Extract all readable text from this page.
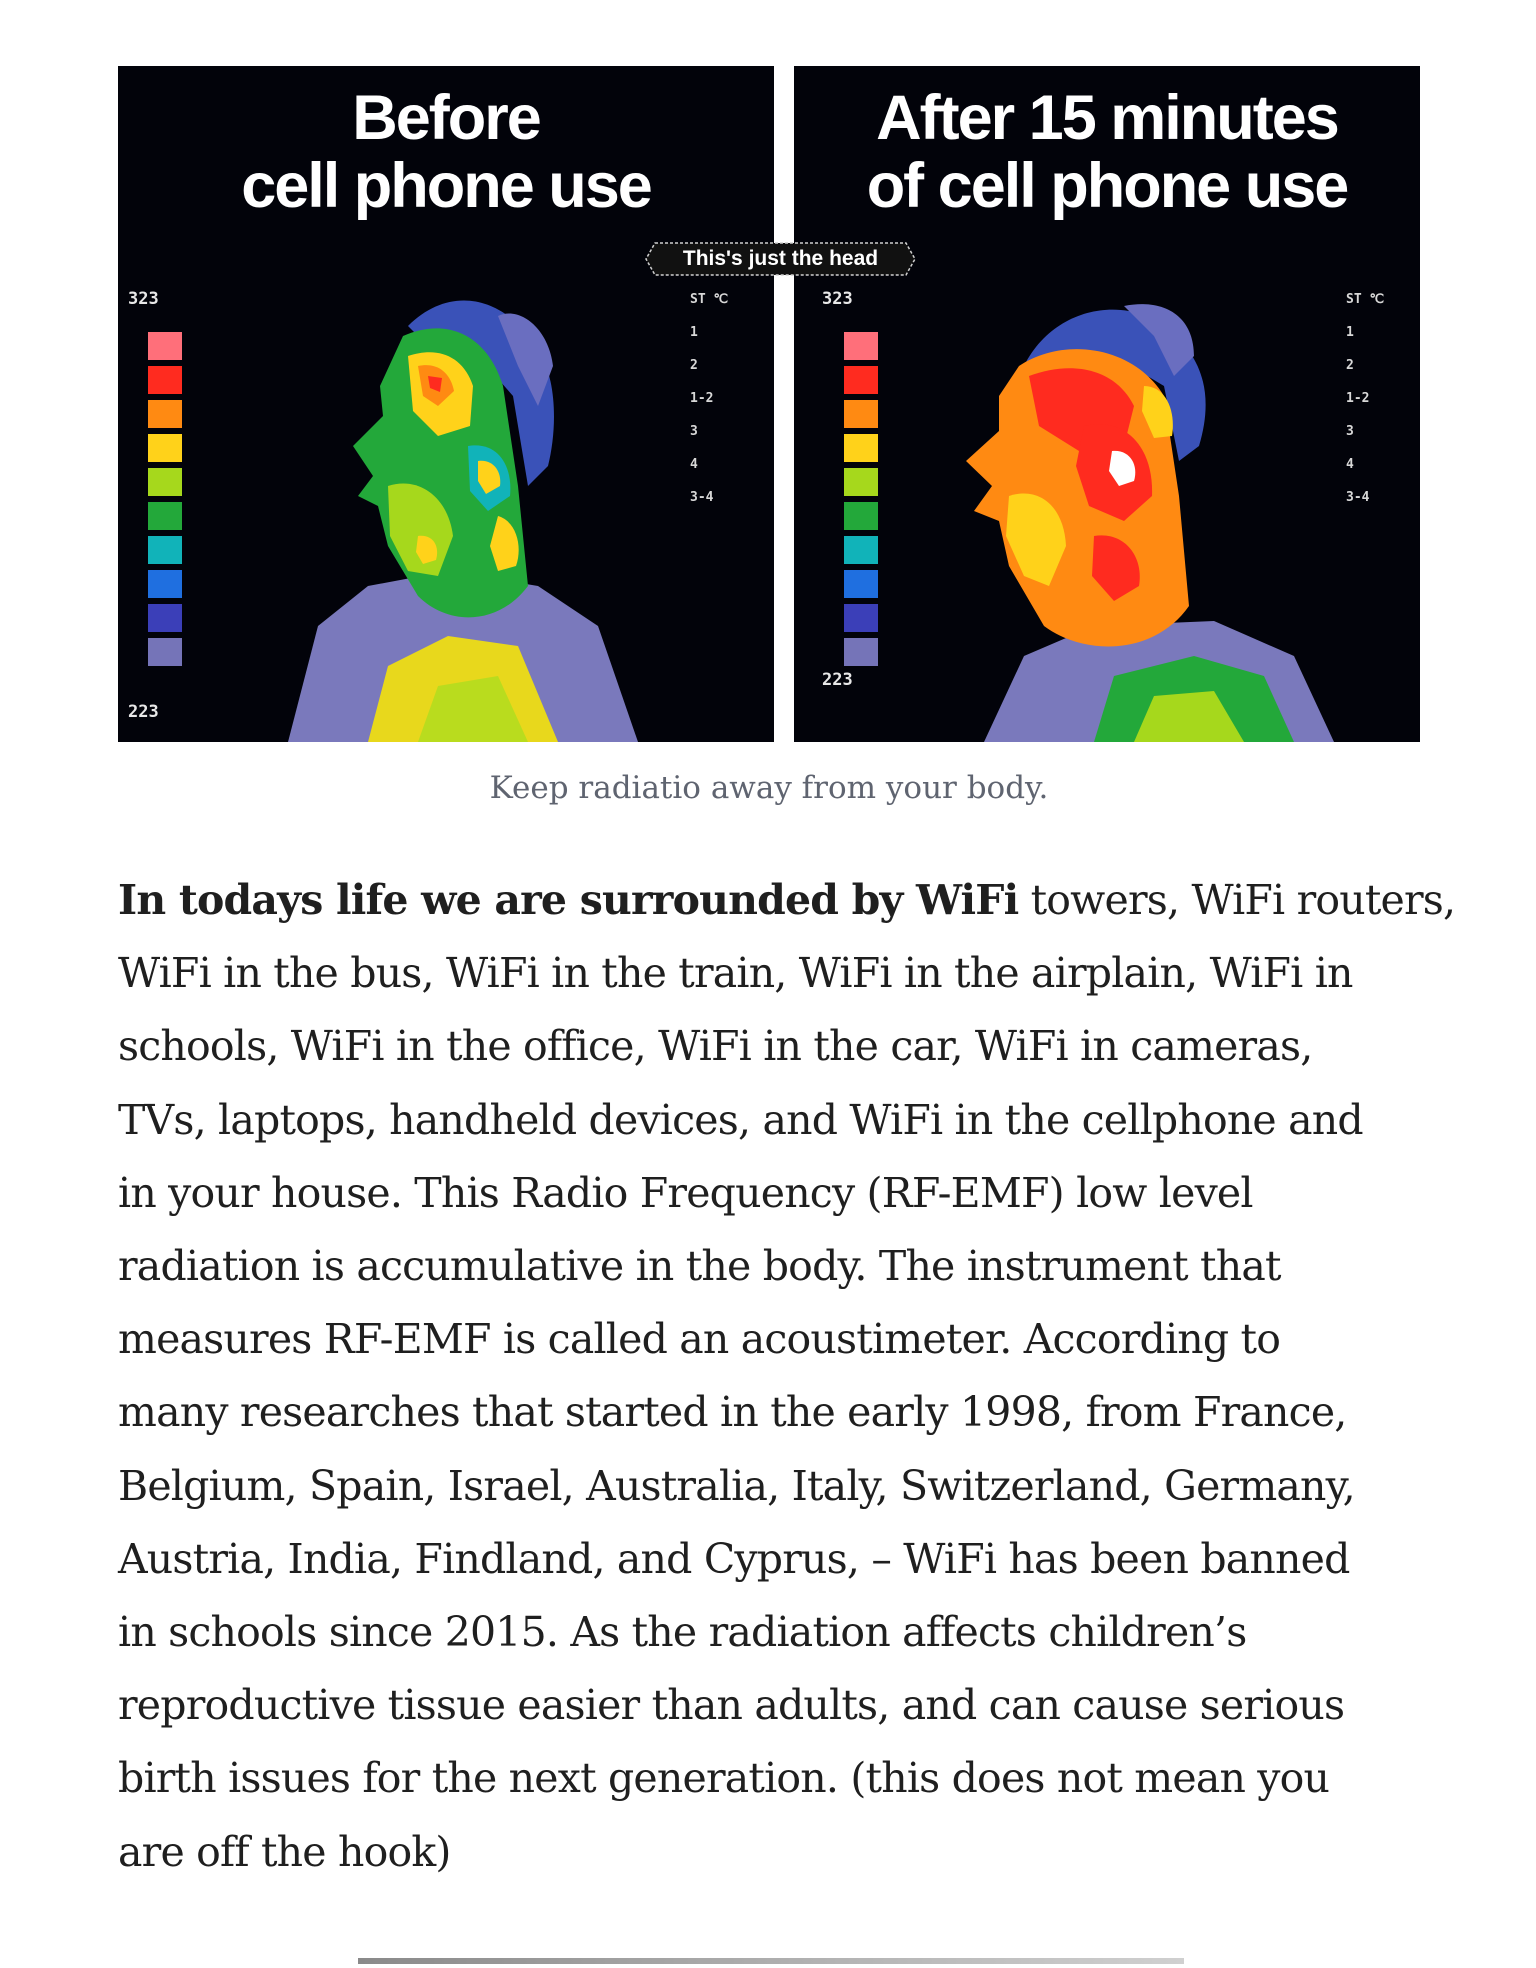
Before
cell phone use
323
223
ST ℃
1
2
1-2
3
4
3-4
After 15 minutes
of cell phone use
323
223
ST ℃
1
2
1-2
3
4
3-4
This's just the head
Keep radiatio away from your body.
In todays life we are surrounded by WiFi towers, WiFi routers,
WiFi in the bus, WiFi in the train, WiFi in the airplain, WiFi in
schools, WiFi in the office, WiFi in the car, WiFi in cameras,
TVs, laptops, handheld devices, and WiFi in the cellphone and
in your house. This Radio Frequency (RF-EMF) low level
radiation is accumulative in the body. The instrument that
measures RF-EMF is called an acoustimeter. According to
many researches that started in the early 1998, from France,
Belgium, Spain, Israel, Australia, Italy, Switzerland, Germany,
Austria, India, Findland, and Cyprus, – WiFi has been banned
in schools since 2015. As the radiation affects children’s
reproductive tissue easier than adults, and can cause serious
birth issues for the next generation. (this does not mean you
are off the hook)
